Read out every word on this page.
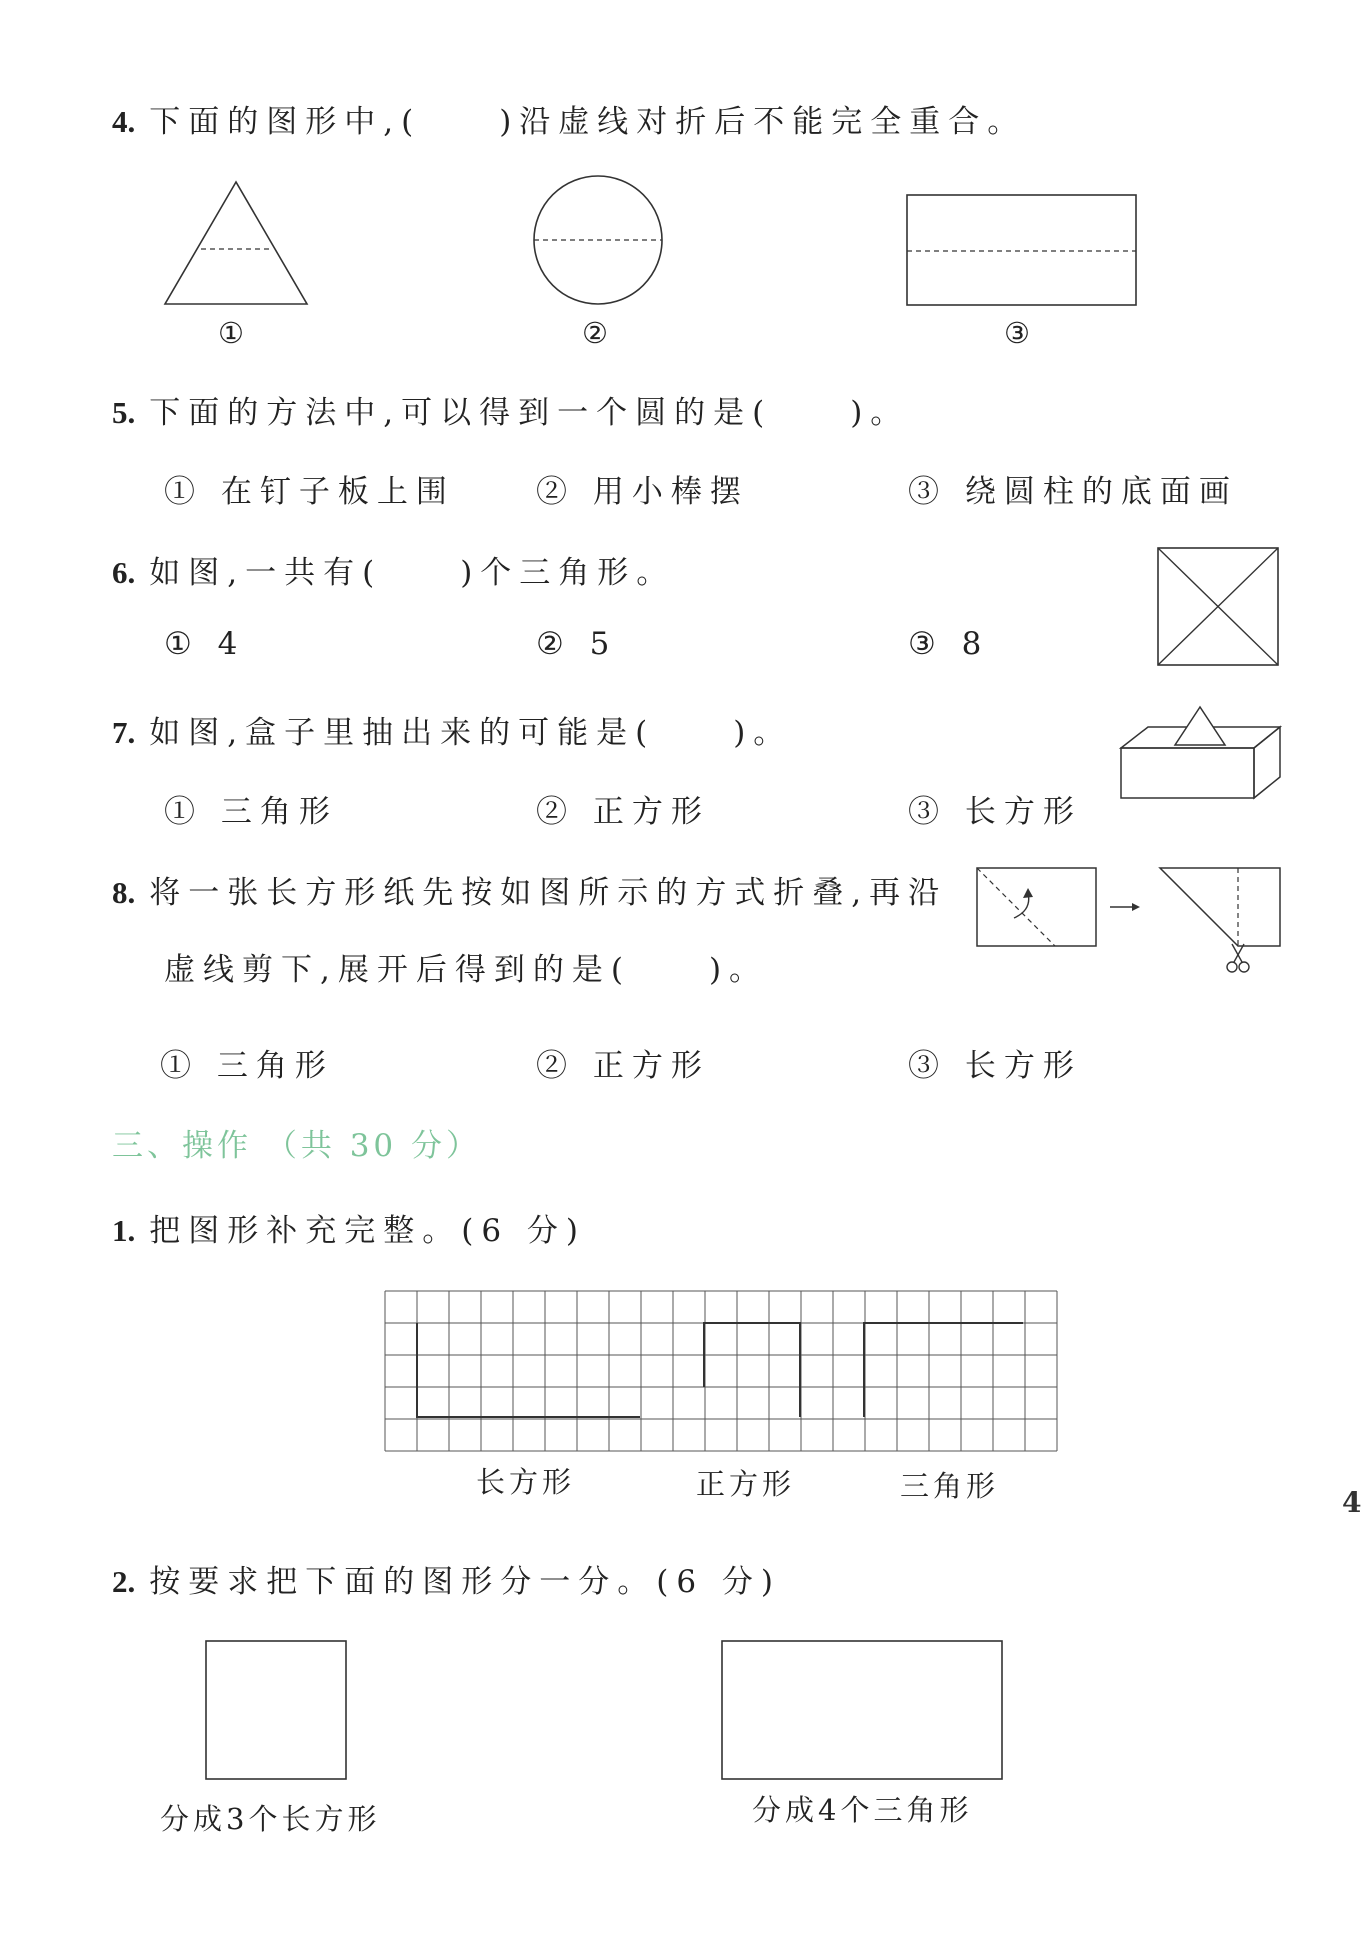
4. 下面的图形中,(　　)沿虚线对折后不能完全重合。
①	②	③
5. 下面的方法中,可以得到一个圆的是(　　)。
① 在钉子板上围	② 用小棒摆	③ 绕圆柱的底面画
6. 如图,一共有(　　)个三角形。
① 4	② 5	③ 8
7. 如图,盒子里抽出来的可能是(　　)。
① 三角形	② 正方形	③ 长方形
8. 将一张长方形纸先按如图所示的方式折叠,再沿
虚线剪下,展开后得到的是(　　)。
① 三角形	② 正方形	③ 长方形
三、操作 （共 30 分）
1. 把图形补充完整。(6 分)
长方形	正方形	三角形
2. 按要求把下面的图形分一分。(6 分)
分成3个长方形	分成4个三角形
4
